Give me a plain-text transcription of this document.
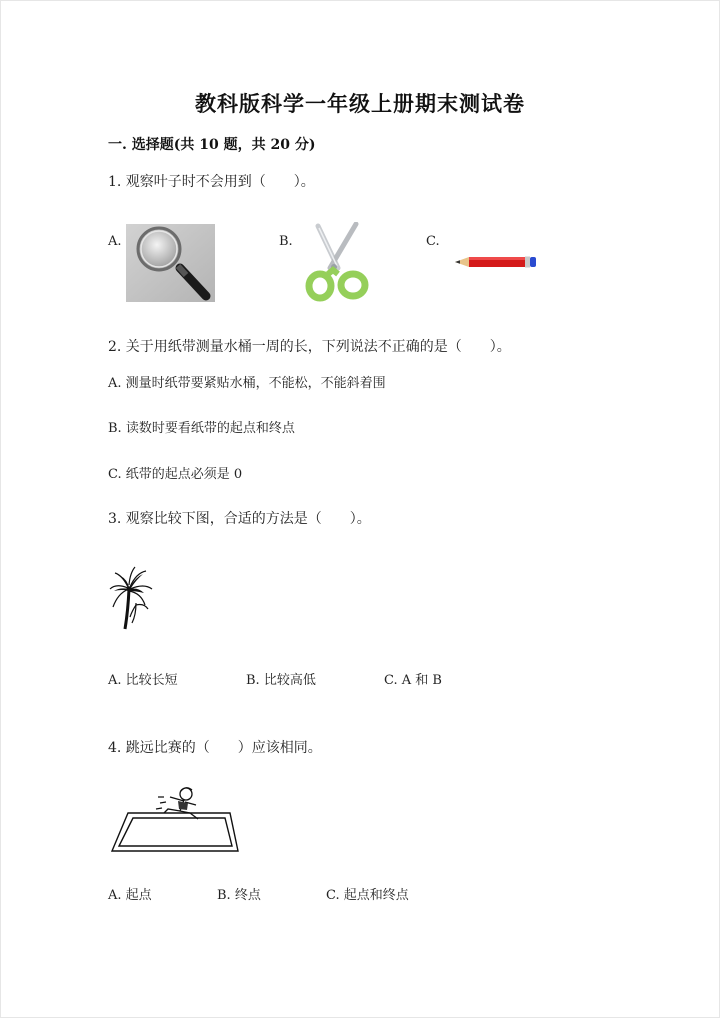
教科版科学一年级上册期末测试卷
一. 选择题(共 10 题，共 20 分)
1. 观察叶子时不会用到（　　）。
A.	B.	C.
2. 关于用纸带测量水桶一周的长，下列说法不正确的是（　　）。
A. 测量时纸带要紧贴水桶，不能松，不能斜着围
B. 读数时要看纸带的起点和终点
C. 纸带的起点必须是 0
3. 观察比较下图，合适的方法是（　　）。
A. 比较长短	B. 比较高低	C. A 和 B
4. 跳远比赛的（　　）应该相同。
A. 起点	B. 终点	C. 起点和终点
